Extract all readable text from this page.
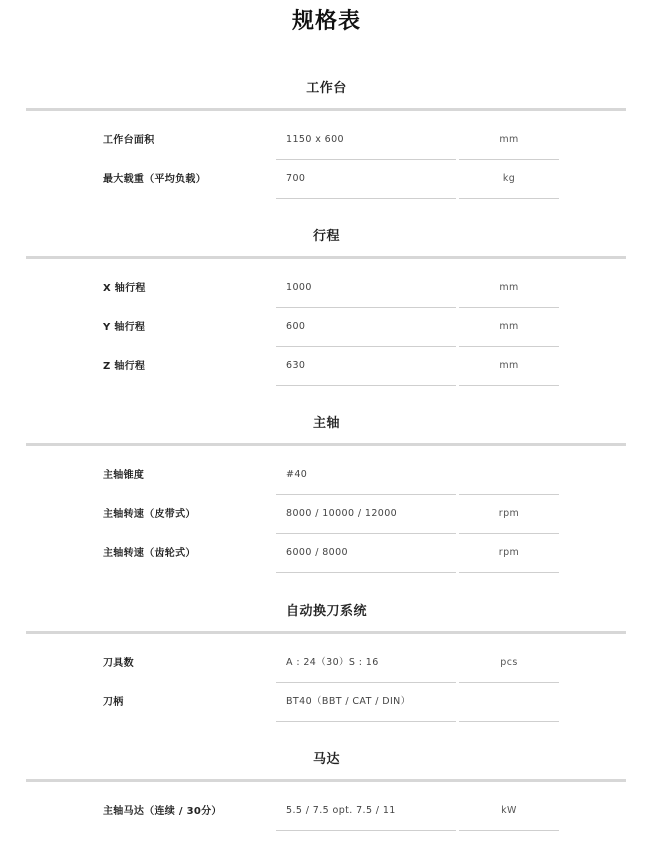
规格表
工作台
工作台面积	1150 x 600	mm
最大载重（平均负载）	700	kg
行程
X 轴行程	1000	mm
Y 轴行程	600	mm
Z 轴行程	630	mm
主轴
主轴锥度	#40
主轴转速（皮带式）	8000 / 10000 / 12000	rpm
主轴转速（齿轮式）	6000 / 8000	rpm
自动换刀系统
刀具数	A : 24（30）S : 16	pcs
刀柄	BT40（BBT / CAT / DIN）
马达
主轴马达（连续 / 30分）	5.5 / 7.5 opt. 7.5 / 11	kW
